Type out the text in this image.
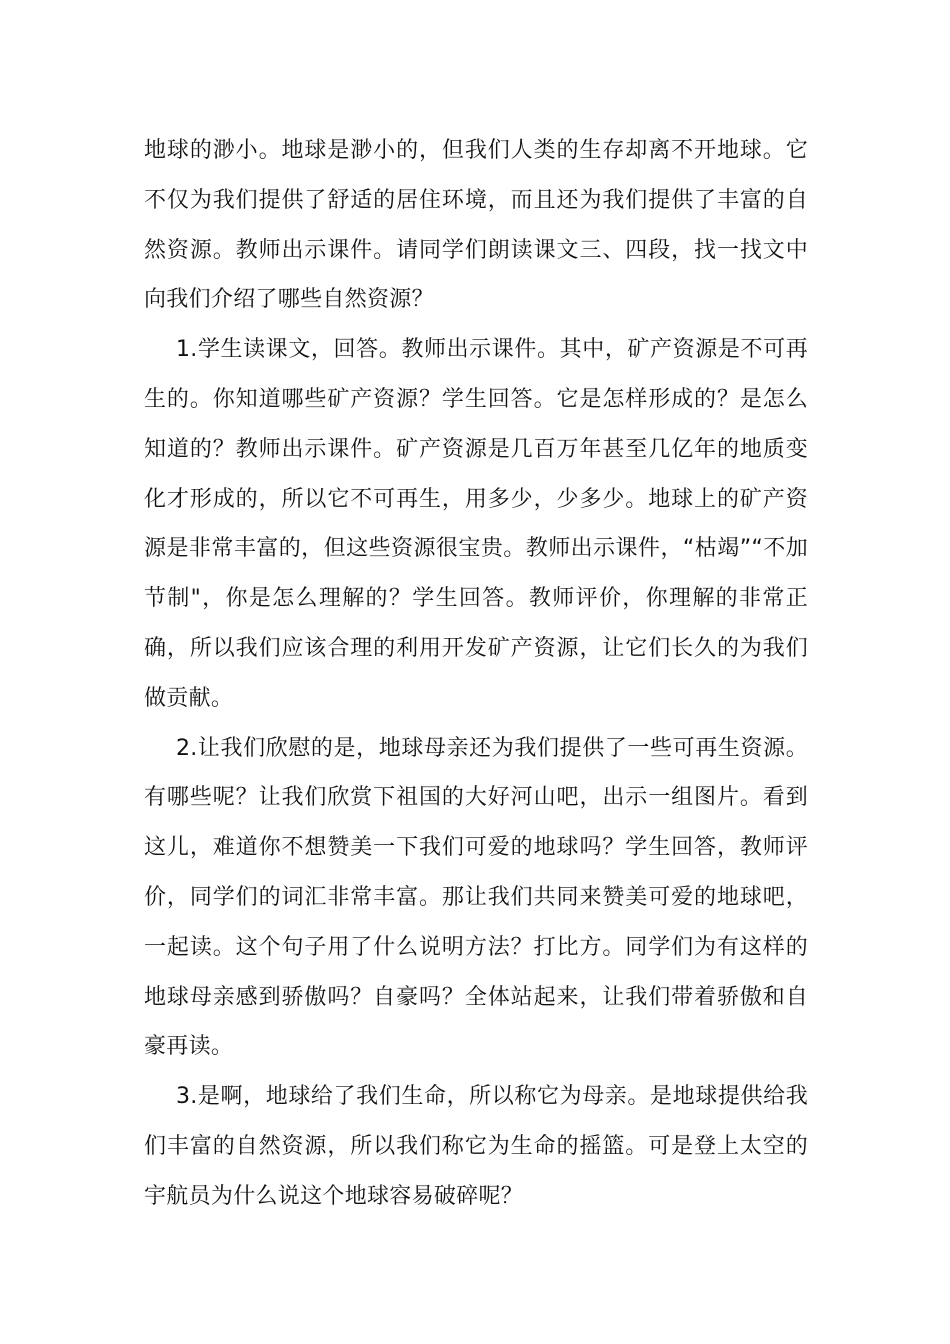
地球的渺小。地球是渺小的，但我们人类的生存却离不开地球。它不仅为我们提供了舒适的居住环境，而且还为我们提供了丰富的自然资源。教师出示课件。请同学们朗读课文三、四段，找一找文中向我们介绍了哪些自然资源？

1.学生读课文，回答。教师出示课件。其中，矿产资源是不可再生的。你知道哪些矿产资源？学生回答。它是怎样形成的？是怎么知道的？教师出示课件。矿产资源是几百万年甚至几亿年的地质变化才形成的，所以它不可再生，用多少，少多少。地球上的矿产资源是非常丰富的，但这些资源很宝贵。教师出示课件，“枯竭”“不加节制"，你是怎么理解的？学生回答。教师评价，你理解的非常正确，所以我们应该合理的利用开发矿产资源，让它们长久的为我们做贡献。

2.让我们欣慰的是，地球母亲还为我们提供了一些可再生资源。有哪些呢？让我们欣赏下祖国的大好河山吧，出示一组图片。看到这儿，难道你不想赞美一下我们可爱的地球吗？学生回答，教师评价，同学们的词汇非常丰富。那让我们共同来赞美可爱的地球吧，一起读。这个句子用了什么说明方法？打比方。同学们为有这样的地球母亲感到骄傲吗？自豪吗？全体站起来，让我们带着骄傲和自豪再读。

3.是啊，地球给了我们生命，所以称它为母亲。是地球提供给我们丰富的自然资源，所以我们称它为生命的摇篮。可是登上太空的宇航员为什么说这个地球容易破碎呢？
